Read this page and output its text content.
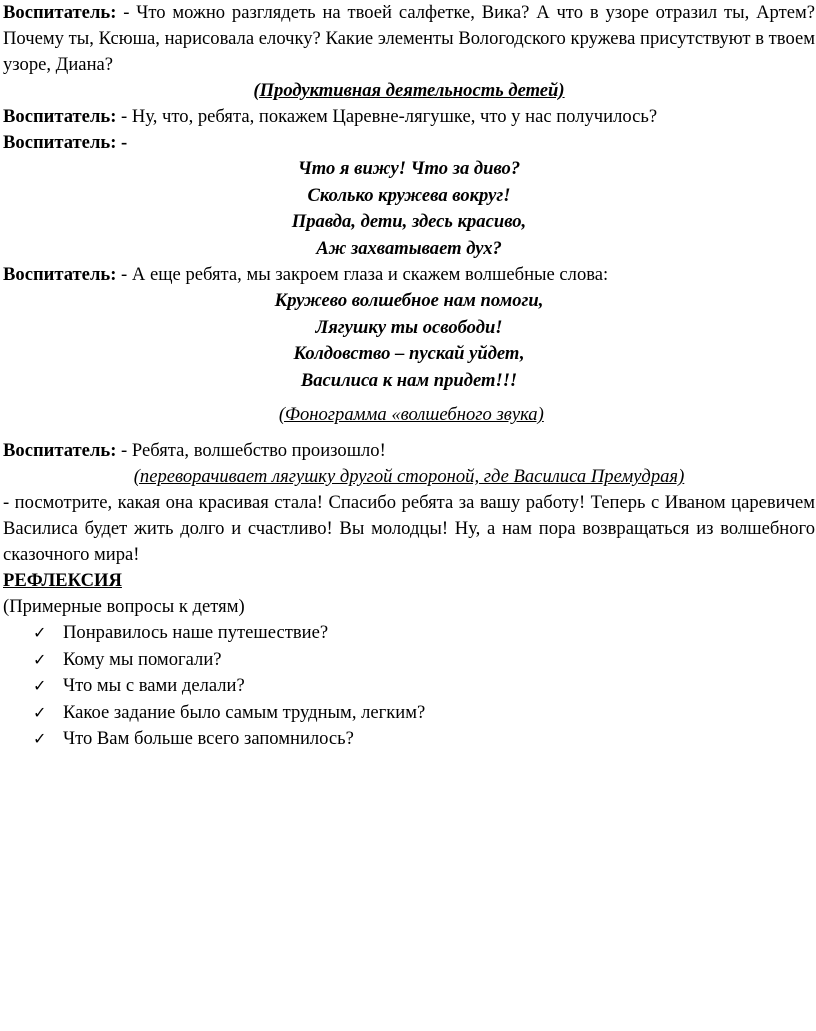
Воспитатель: - Что можно разглядеть на твоей салфетке, Вика? А что в узоре отразил ты, Артем? Почему ты, Ксюша, нарисовала елочку? Какие элементы Вологодского кружева присутствуют в твоем узоре, Диана?

(Продуктивная деятельность детей)

Воспитатель: - Ну, что, ребята, покажем Царевне-лягушке, что у нас получилось?

Воспитатель: -

Что я вижу! Что за диво?

Сколько кружева вокруг!

Правда, дети, здесь красиво,

Аж захватывает дух?

Воспитатель: - А еще ребята, мы закроем глаза и скажем волшебные слова:

Кружево волшебное нам помоги,

Лягушку ты освободи!

Колдовство – пускай уйдет,

Василиса к нам придет!!!

(Фонограмма «волшебного звука)

Воспитатель: - Ребята, волшебство произошло!

(переворачивает лягушку другой стороной, где Василиса Премудрая)

- посмотрите, какая она красивая стала! Спасибо ребята за вашу работу! Теперь с Иваном царевичем Василиса будет жить долго и счастливо! Вы молодцы! Ну, а нам пора возвращаться из волшебного сказочного мира!

РЕФЛЕКСИЯ

(Примерные вопросы к детям)

✓ Понравилось наше путешествие?
✓ Кому мы помогали?
✓ Что мы с вами делали?
✓ Какое задание было самым трудным, легким?
✓ Что Вам больше всего запомнилось?
